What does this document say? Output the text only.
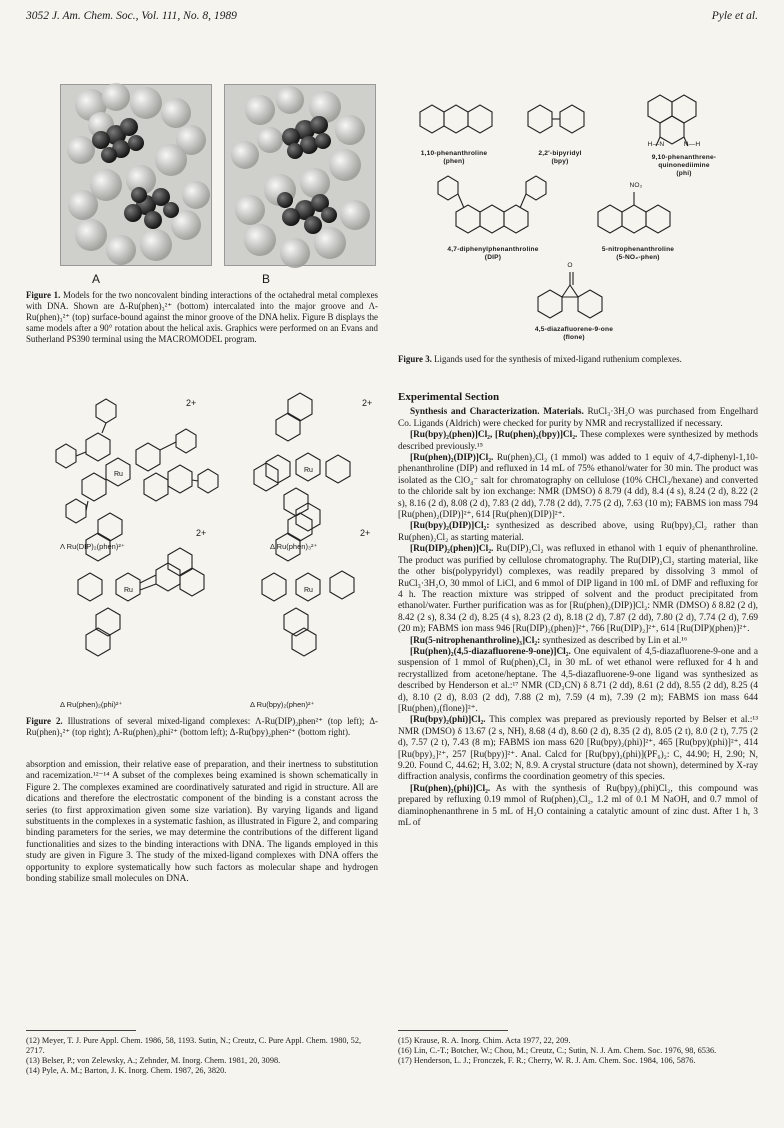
3052 J. Am. Chem. Soc., Vol. 111, No. 8, 1989	Pyle et al.
A	B
Figure 1. Models for the two noncovalent binding interactions of the octahedral metal complexes with DNA. Shown are Δ-Ru(phen)₃²⁺ (bottom) intercalated into the major groove and Λ-Ru(phen)₃²⁺ (top) surface-bound against the minor groove of the DNA helix. Figure B displays the same models after a 90° rotation about the helical axis. Graphics were performed on an Evans and Sutherland PS390 terminal using the MACROMODEL program.
Ru
Ru
Ru	Ru
2+	2+
2+	2+
Λ Ru(DIP)₂(phen)²⁺	Δ Ru(phen)₃²⁺
Δ Ru(phen)₂(phi)²⁺	Δ Ru(bpy)₂(phen)²⁺
Figure 2. Illustrations of several mixed-ligand complexes: Λ-Ru(DIP)₂phen²⁺ (top left); Δ-Ru(phen)₃²⁺ (top right); Λ-Ru(phen)₂phi²⁺ (bottom left); Δ-Ru(bpy)₂phen²⁺ (bottom right).

absorption and emission, their relative ease of preparation, and their inertness to substitution and racemization.¹²⁻¹⁴ A subset of the complexes being examined is shown schematically in Figure 2. The complexes examined are coordinatively saturated and rigid in structure. All are dications and therefore the electrostatic component of the binding is a constant across the series (to first approximation given some size variation). By varying ligands and ligand substituents in the complexes in a systematic fashion, as illustrated in Figure 2, and comparing binding parameters for the series, we may determine the contributions of the different ligand functionalities and sizes to the binding interactions with DNA. The ligands employed in this study are given in Figure 3. The study of the mixed-ligand complexes with DNA offers the opportunity to explore systematically how such factors as molecular shape and hydrogen bonding stabilize small molecules on DNA.

(12) Meyer, T. J. Pure Appl. Chem. 1986, 58, 1193. Sutin, N.; Creutz, C. Pure Appl. Chem. 1980, 52, 2717.

(13) Belser, P.; von Zelewsky, A.; Zehnder, M. Inorg. Chem. 1981, 20, 3098.

(14) Pyle, A. M.; Barton, J. K. Inorg. Chem. 1987, 26, 3820.

1,10-phenanthroline
(phen)
2,2'-bipyridyl
(bpy)
9,10-phenanthrene-quinonediimine
(phi)
H—N	N—H
4,7-diphenylphenanthroline
(DIP)
5-nitrophenanthroline
(5-NO₂-phen)
NO₂
4,5-diazafluorene-9-one
(flone)
O
Figure 3. Ligands used for the synthesis of mixed-ligand ruthenium complexes.
Experimental Section

Synthesis and Characterization. Materials. RuCl₃·3H₂O was purchased from Engelhard Co. Ligands (Aldrich) were checked for purity by NMR and recrystallized if necessary.

[Ru(bpy)₂(phen)]Cl₂, [Ru(phen)₂(bpy)]Cl₂. These complexes were synthesized by methods described previously.¹⁵

[Ru(phen)₂(DIP)]Cl₂. Ru(phen)₂Cl₂ (1 mmol) was added to 1 equiv of 4,7-diphenyl-1,10-phenanthroline (DIP) and refluxed in 14 mL of 75% ethanol/water for 30 min. The product was isolated as the ClO₄⁻ salt for chromatography on cellulose (10% CHCl₃/hexane) and converted to the chloride salt by ion exchange: NMR (DMSO) δ 8.79 (4 dd), 8.4 (4 s), 8.24 (2 d), 8.22 (2 s), 8.16 (2 d), 8.08 (2 d), 7.83 (2 dd), 7.78 (2 dd), 7.75 (2 d), 7.63 (10 m); FABMS ion mass 794 [Ru(phen)₂(DIP)]²⁺, 614 [Ru(phen)(DIP)]²⁺.

[Ru(bpy)₂(DIP)]Cl₂: synthesized as described above, using Ru(bpy)₂Cl₂ rather than Ru(phen)₂Cl₂ as starting material.

[Ru(DIP)₂(phen)]Cl₂. Ru(DIP)₂Cl₂ was refluxed in ethanol with 1 equiv of phenanthroline. The product was purified by cellulose chromatography. The Ru(DIP)₂Cl₂ starting material, like the other bis(polypyridyl) complexes, was readily prepared by dissolving 3 mmol of RuCl₃·3H₂O, 30 mmol of LiCl, and 6 mmol of DIP ligand in 100 mL of DMF and refluxing for 4 h. The reaction mixture was stripped of solvent and the product precipitated from ethanol/water. Further purification was as for [Ru(phen)₂(DIP)]Cl₂: NMR (DMSO) δ 8.82 (2 d), 8.42 (2 s), 8.34 (2 d), 8.25 (4 s), 8.23 (2 d), 8.18 (2 d), 7.87 (2 dd), 7.80 (2 d), 7.74 (2 d), 7.69 (20 m); FABMS ion mass 946 [Ru(DIP)₂(phen)]²⁺, 766 [Ru(DIP)₂]²⁺, 614 [Ru(DIP)(phen)]²⁺.

[Ru(5-nitrophenanthroline)₃]Cl₂: synthesized as described by Lin et al.¹⁶

[Ru(phen)₂(4,5-diazafluorene-9-one)]Cl₂. One equivalent of 4,5-diazafluorene-9-one and a suspension of 1 mmol of Ru(phen)₂Cl₂ in 30 mL of wet ethanol were refluxed for 4 h and recrystallized from acetone/heptane. The 4,5-diazafluorene-9-one ligand was synthesized as described by Henderson et al.:¹⁷ NMR (CD₃CN) δ 8.71 (2 dd), 8.61 (2 dd), 8.55 (2 dd), 8.25 (4 d), 8.10 (2 d), 8.03 (2 dd), 7.88 (2 m), 7.59 (4 m), 7.39 (2 m); FABMS ion mass 644 [Ru(phen)₂(flone)]²⁺.

[Ru(bpy)₂(phi)]Cl₂. This complex was prepared as previously reported by Belser et al.:¹³ NMR (DMSO) δ 13.67 (2 s, NH), 8.68 (4 d), 8.60 (2 d), 8.35 (2 d), 8.05 (2 t), 8.0 (2 t), 7.75 (2 d), 7.57 (2 t), 7.43 (8 m); FABMS ion mass 620 [Ru(bpy)₂(phi)]²⁺, 465 [Ru(bpy)(phi)]²⁺, 414 [Ru(bpy)₂]²⁺, 257 [Ru(bpy)]²⁺. Anal. Calcd for [Ru(bpy)₂(phi)](PF₆)₂: C, 44.90; H, 2.90; N, 9.20. Found C, 44.62; H, 3.02; N, 8.9. A crystal structure (data not shown), determined by X-ray diffraction analysis, confirms the coordination geometry of this species.

[Ru(phen)₂(phi)]Cl₂. As with the synthesis of Ru(bpy)₂(phi)Cl₂, this compound was prepared by refluxing 0.19 mmol of Ru(phen)₂Cl₂, 1.2 ml of 0.1 M NaOH, and 0.7 mmol of diaminophenanthrene in 5 mL of H₂O containing a catalytic amount of zinc dust. After 1 h, 3 mL of

(15) Krause, R. A. Inorg. Chim. Acta 1977, 22, 209.

(16) Lin, C.-T.; Botcher, W.; Chou, M.; Creutz, C.; Sutin, N. J. Am. Chem. Soc. 1976, 98, 6536.

(17) Henderson, L. J.; Fronczek, F. R.; Cherry, W. R. J. Am. Chem. Soc. 1984, 106, 5876.
